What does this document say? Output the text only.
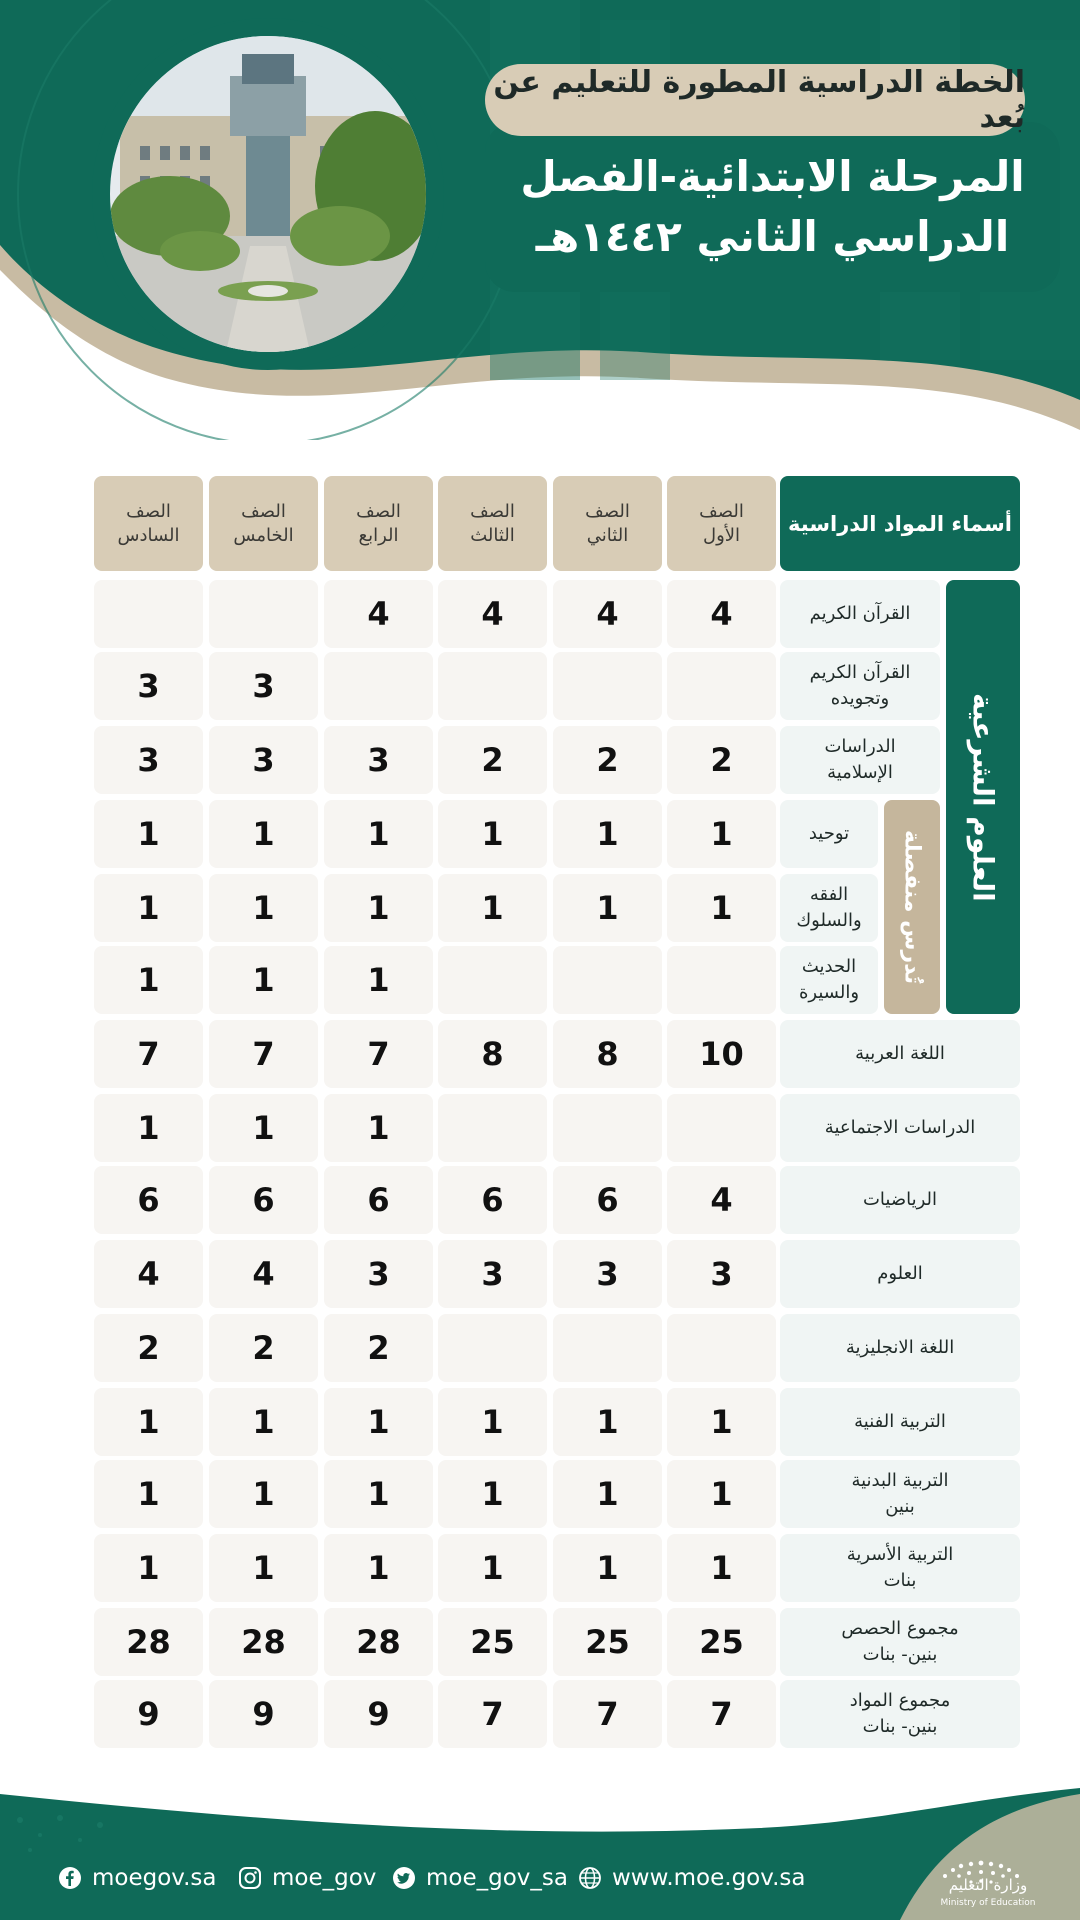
المرحلة الابتدائية-الفصل
الدراسي الثاني ١٤٤٢هـ
الخطة الدراسية المطورة للتعليم عن بُعد
أسماء المواد الدراسية
الصف
الأول
الصف
الثاني
الصف
الثالث
الصف
الرابع
الصف
الخامس
الصف
السادس
العلوم الشرعية
تُدرس منفصلة
القرآن الكريم
4
4
4
4
القرآن الكريم
وتجويده
3
3
الدراسات
الإسلامية
2
2
2
3
3
3
توحيد
1
1
1
1
1
1
الفقه
والسلوك
1
1
1
1
1
1
الحديث
والسيرة
1
1
1
اللغة العربية
10
8
8
7
7
7
الدراسات الاجتماعية
1
1
1
الرياضيات
4
6
6
6
6
6
العلوم
3
3
3
3
4
4
اللغة الانجليزية
2
2
2
التربية الفنية
1
1
1
1
1
1
التربية البدنية
بنين
1
1
1
1
1
1
التربية الأسرية
بنات
1
1
1
1
1
1
مجموع الحصص
بنين- بنات
25
25
25
28
28
28
مجموع المواد
بنين- بنات
7
7
7
9
9
9
moegov.sa moe_gov moe_gov_sa www.moe.gov.sa	وزارة التعليم
Ministry of Education
